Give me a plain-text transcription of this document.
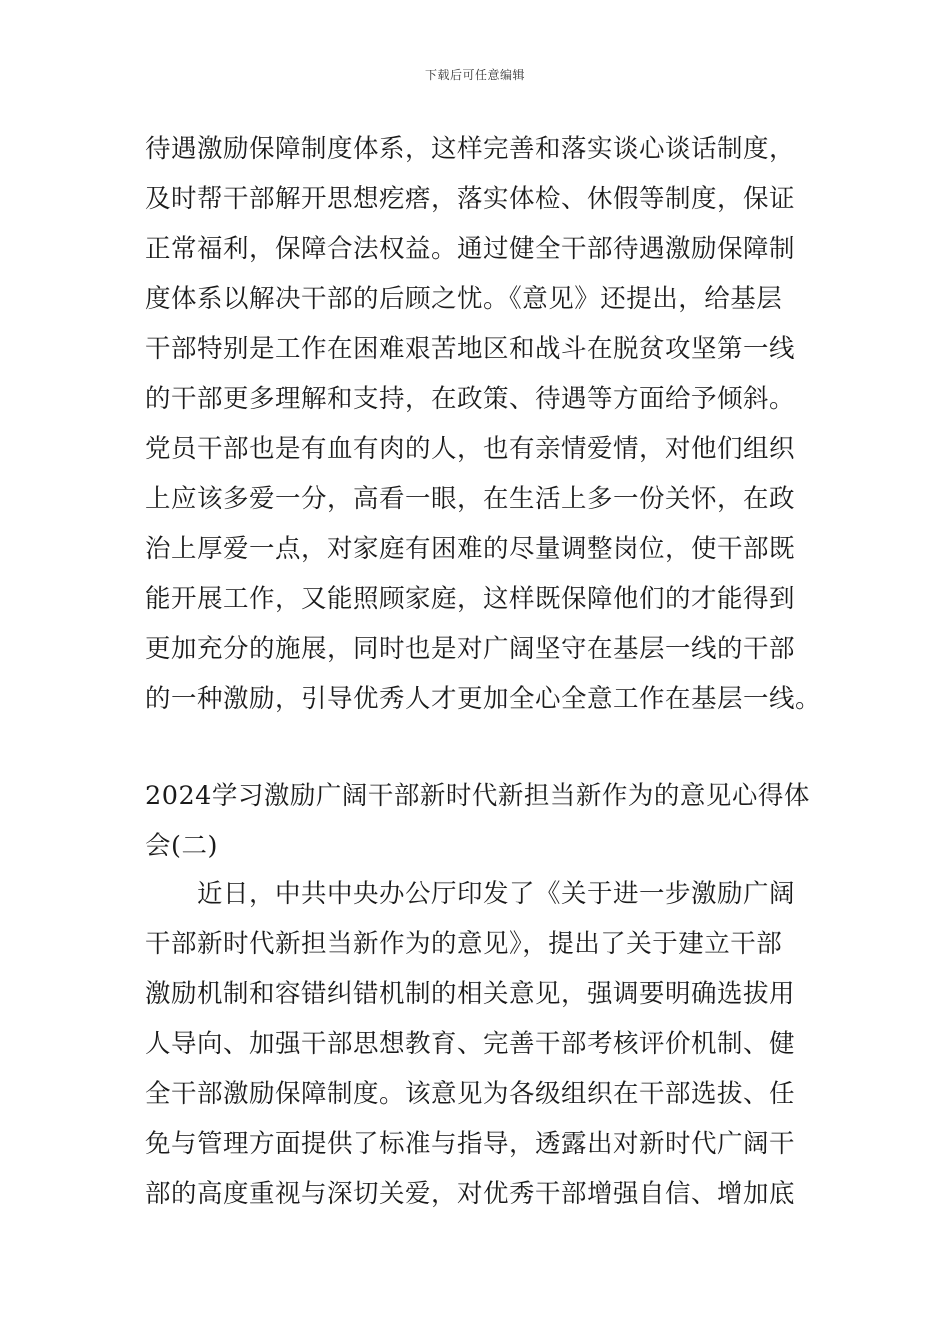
下载后可任意编辑
待遇激励保障制度体系，这样完善和落实谈心谈话制度，
及时帮干部解开思想疙瘩，落实体检、休假等制度，保证
正常福利，保障合法权益。通过健全干部待遇激励保障制
度体系以解决干部的后顾之忧。《意见》还提出，给基层
干部特别是工作在困难艰苦地区和战斗在脱贫攻坚第一线
的干部更多理解和支持，在政策、待遇等方面给予倾斜。
党员干部也是有血有肉的人，也有亲情爱情，对他们组织
上应该多爱一分，高看一眼，在生活上多一份关怀，在政
治上厚爱一点，对家庭有困难的尽量调整岗位，使干部既
能开展工作，又能照顾家庭，这样既保障他们的才能得到
更加充分的施展，同时也是对广阔坚守在基层一线的干部
的一种激励，引导优秀人才更加全心全意工作在基层一线。
2024学习激励广阔干部新时代新担当新作为的意见心得体
会(二)
近日，中共中央办公厅印发了《关于进一步激励广阔
干部新时代新担当新作为的意见》，提出了关于建立干部
激励机制和容错纠错机制的相关意见，强调要明确选拔用
人导向、加强干部思想教育、完善干部考核评价机制、健
全干部激励保障制度。该意见为各级组织在干部选拔、任
免与管理方面提供了标准与指导，透露出对新时代广阔干
部的高度重视与深切关爱，对优秀干部增强自信、增加底
